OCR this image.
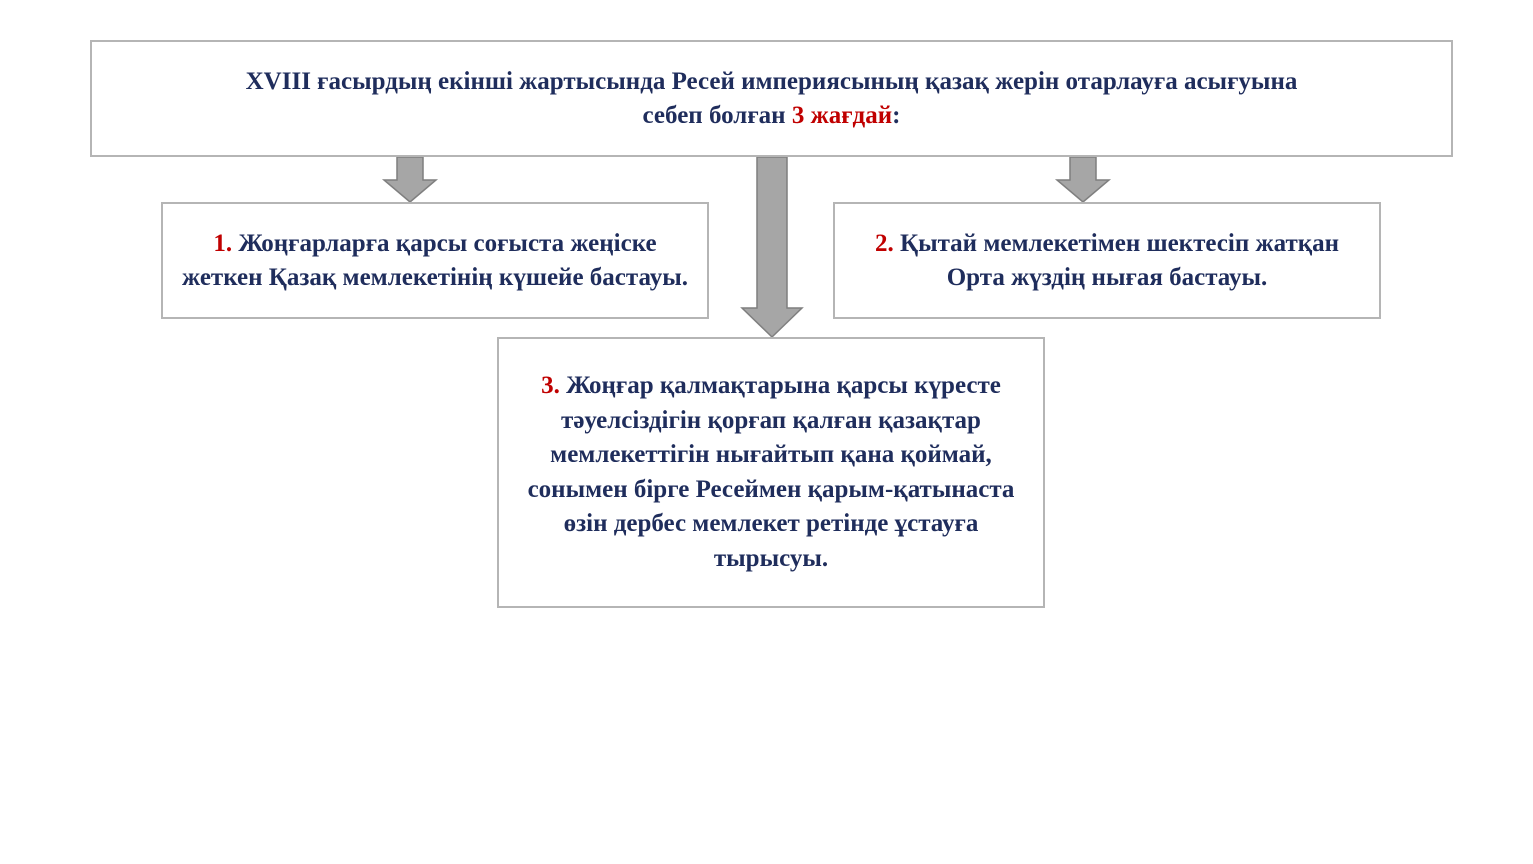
XVIII ғасырдың екінші жартысында Ресей империясының қазақ жерін отарлауға асығуына
себеп болған 3 жағдай:

1. Жоңғарларға қарсы соғыста жеңіске жеткен Қазақ мемлекетінің күшейе бастауы.

2. Қытай мемлекетімен шектесіп жатқан Орта жүздің нығая бастауы.

3. Жоңғар қалмақтарына қарсы күресте тәуелсіздігін қорғап қалған қазақтар мемлекеттігін нығайтып қана қоймай, сонымен бірге Ресеймен қарым-қатынаста өзін дербес мемлекет ретінде ұстауға тырысуы.
